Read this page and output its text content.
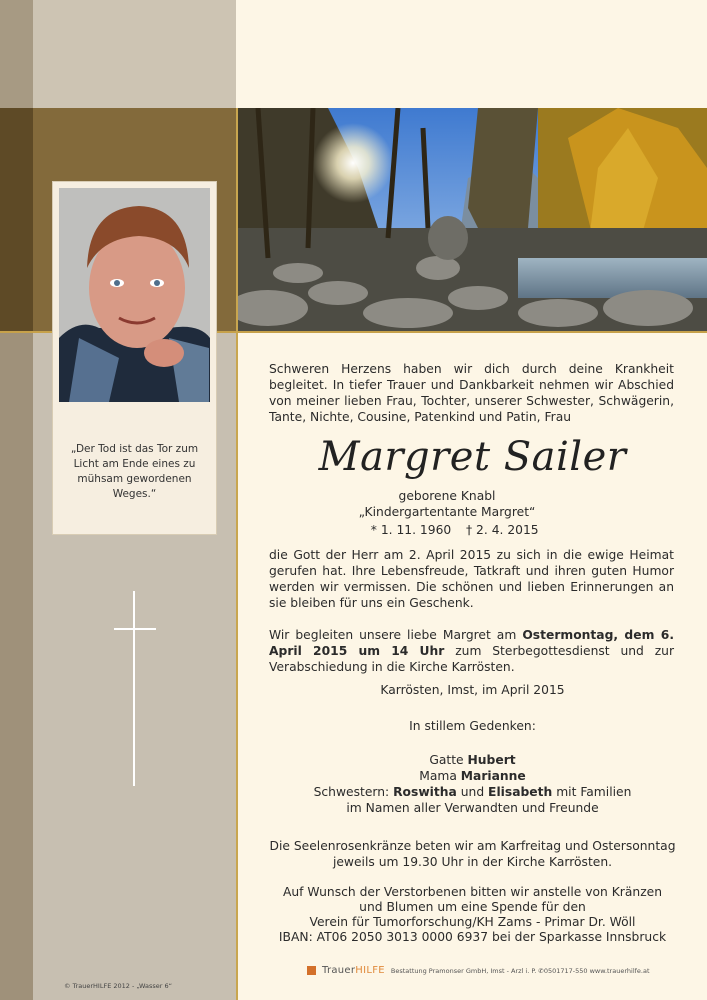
„Der Tod ist das Tor zum Licht am Ende eines zu mühsam gewordenen Weges.“
Schweren Herzens haben wir dich durch deine Krankheit begleitet. In tiefer Trauer und Dankbarkeit nehmen wir Abschied von meiner lieben Frau, Tochter, unserer Schwester, Schwägerin, Tante, Nichte, Cousine, Patenkind und Patin, Frau
Margret Sailer
geborene Knabl
„Kindergartentante Margret“
* 1. 11. 1960	† 2. 4. 2015
die Gott der Herr am 2. April 2015 zu sich in die ewige Heimat gerufen hat. Ihre Lebensfreude, Tatkraft und ihren guten Humor werden wir vermissen. Die schönen und lieben Erinnerungen an sie bleiben für uns ein Geschenk.
Wir begleiten unsere liebe Margret am Ostermontag, dem 6. April 2015 um 14 Uhr zum Sterbegottesdienst und zur Verabschiedung in die Kirche Karrösten.
Karrösten, Imst, im April 2015
In stillem Gedenken:
Gatte Hubert
Mama Marianne
Schwestern: Roswitha und Elisabeth mit Familien
im Namen aller Verwandten und Freunde
Die Seelenrosenkränze beten wir am Karfreitag und Ostersonntag
jeweils um 19.30 Uhr in der Kirche Karrösten.
Auf Wunsch der Verstorbenen bitten wir anstelle von Kränzen
und Blumen um eine Spende für den
Verein für Tumorforschung/KH Zams - Primar Dr. Wöll
IBAN: AT06 2050 3013 0000 6937 bei der Sparkasse Innsbruck
© TrauerHILFE 2012 - „Wasser 6“
TrauerHILFE Bestattung Pramonser GmbH, Imst - Arzl i. P. ✆0501717-550 www.trauerhilfe.at
